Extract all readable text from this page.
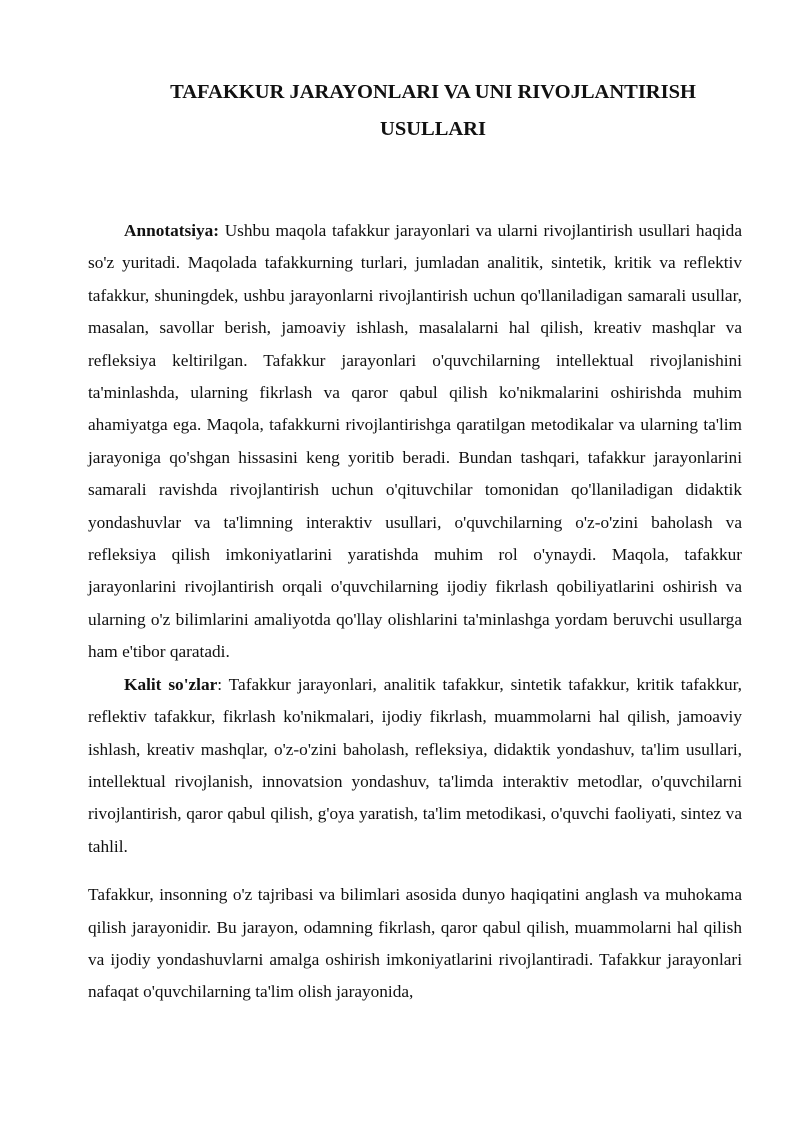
TAFAKKUR JARAYONLARI VA UNI RIVOJLANTIRISH
USULLARI

Annotatsiya: Ushbu maqola tafakkur jarayonlari va ularni rivojlantirish usullari haqida so'z yuritadi. Maqolada tafakkurning turlari, jumladan analitik, sintetik, kritik va reflektiv tafakkur, shuningdek, ushbu jarayonlarni rivojlantirish uchun qo'llaniladigan samarali usullar, masalan, savollar berish, jamoaviy ishlash, masalalarni hal qilish, kreativ mashqlar va refleksiya keltirilgan. Tafakkur jarayonlari o'quvchilarning intellektual rivojlanishini ta'minlashda, ularning fikrlash va qaror qabul qilish ko'nikmalarini oshirishda muhim ahamiyatga ega. Maqola, tafakkurni rivojlantirishga qaratilgan metodikalar va ularning ta'lim jarayoniga qo'shgan hissasini keng yoritib beradi. Bundan tashqari, tafakkur jarayonlarini samarali ravishda rivojlantirish uchun o'qituvchilar tomonidan qo'llaniladigan didaktik yondashuvlar va ta'limning interaktiv usullari, o'quvchilarning o'z-o'zini baholash va refleksiya qilish imkoniyatlarini yaratishda muhim rol o'ynaydi. Maqola, tafakkur jarayonlarini rivojlantirish orqali o'quvchilarning ijodiy fikrlash qobiliyatlarini oshirish va ularning o'z bilimlarini amaliyotda qo'llay olishlarini ta'minlashga yordam beruvchi usullarga ham e'tibor qaratadi.

Kalit so'zlar: Tafakkur jarayonlari, analitik tafakkur, sintetik tafakkur, kritik tafakkur, reflektiv tafakkur, fikrlash ko'nikmalari, ijodiy fikrlash, muammolarni hal qilish, jamoaviy ishlash, kreativ mashqlar, o'z-o'zini baholash, refleksiya, didaktik yondashuv, ta'lim usullari, intellektual rivojlanish, innovatsion yondashuv, ta'limda interaktiv metodlar, o'quvchilarni rivojlantirish, qaror qabul qilish, g'oya yaratish, ta'lim metodikasi, o'quvchi faoliyati, sintez va tahlil.

Tafakkur, insonning o'z tajribasi va bilimlari asosida dunyo haqiqatini anglash va muhokama qilish jarayonidir. Bu jarayon, odamning fikrlash, qaror qabul qilish, muammolarni hal qilish va ijodiy yondashuvlarni amalga oshirish imkoniyatlarini rivojlantiradi. Tafakkur jarayonlari nafaqat o'quvchilarning ta'lim olish jarayonida,
